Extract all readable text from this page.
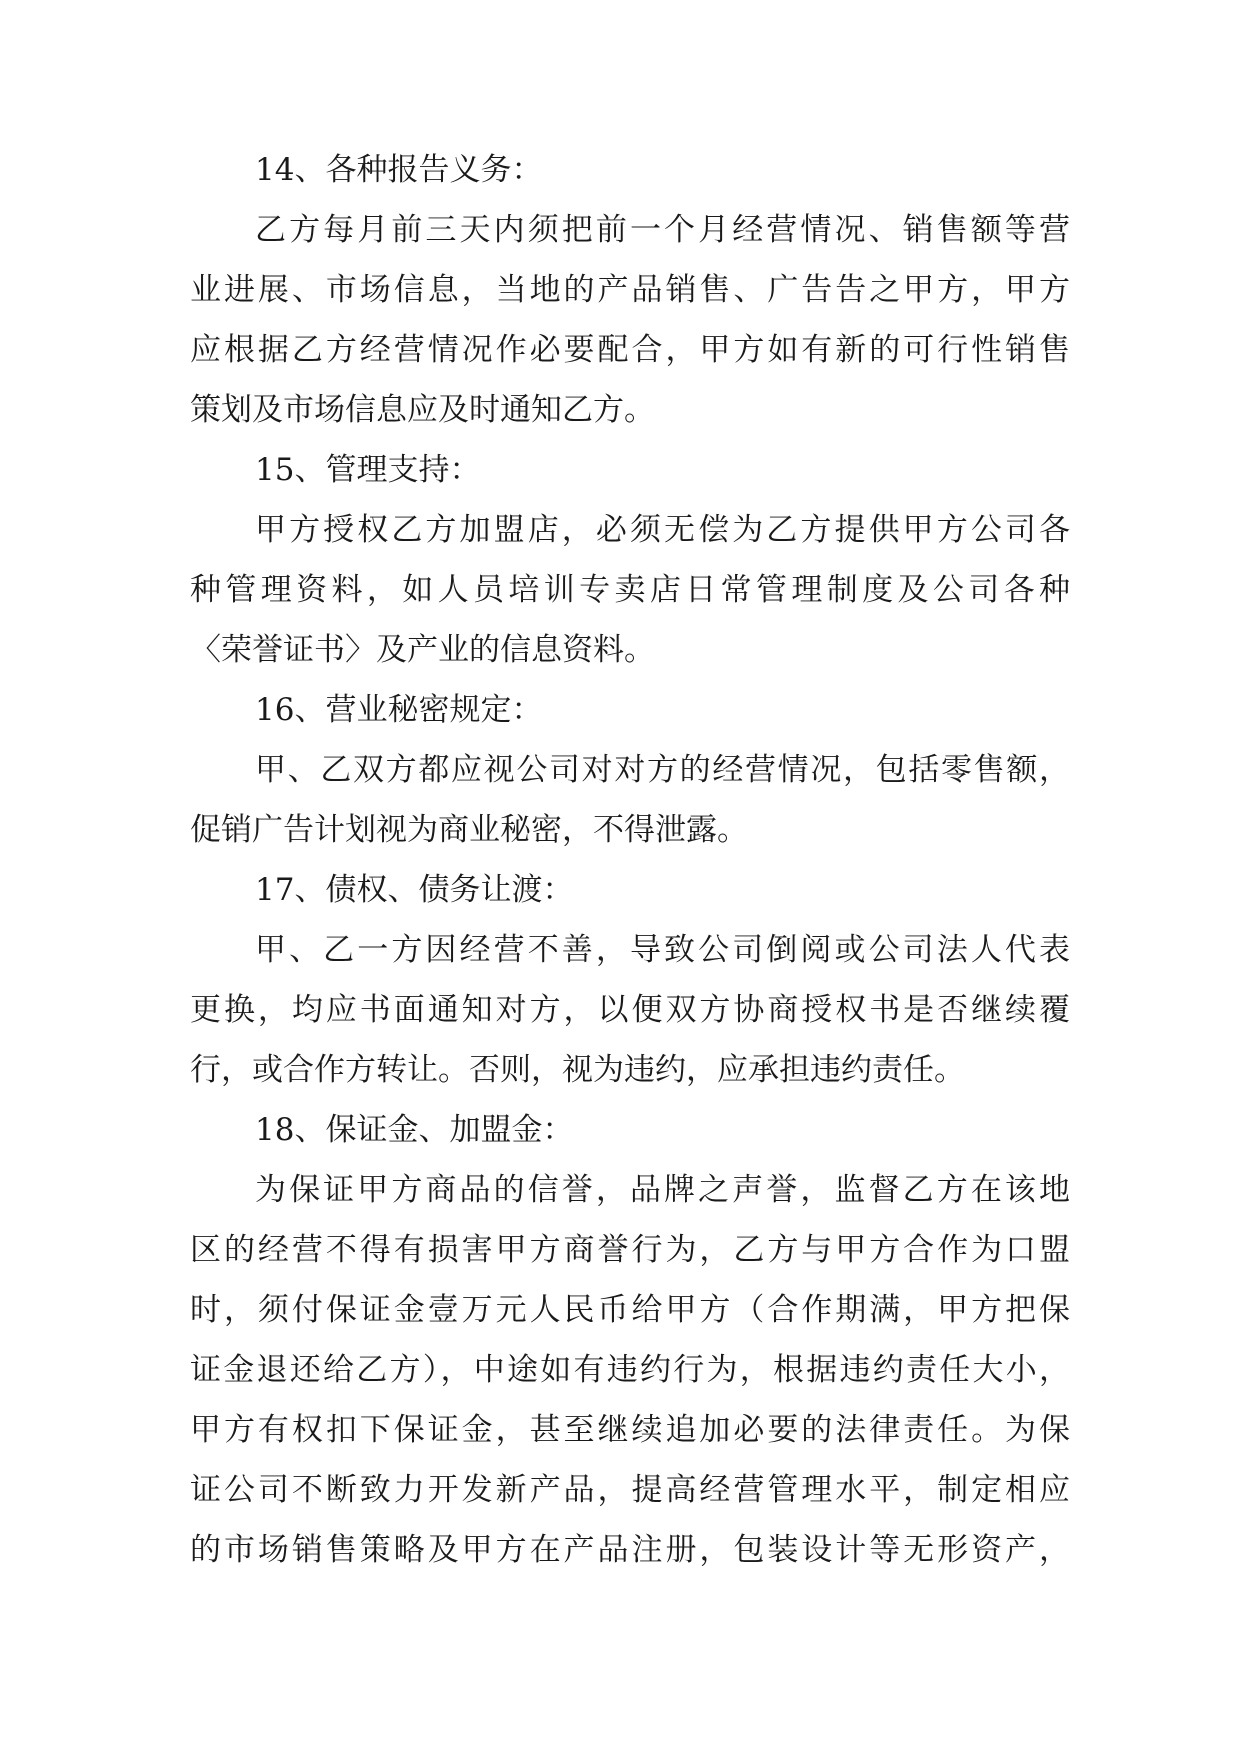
14、各种报告义务：
乙方每月前三天内须把前一个月经营情况、销售额等营
业进展、市场信息，当地的产品销售、广告告之甲方，甲方
应根据乙方经营情况作必要配合，甲方如有新的可行性销售
策划及市场信息应及时通知乙方。
15、管理支持：
甲方授权乙方加盟店，必须无偿为乙方提供甲方公司各
种管理资料，如人员培训专卖店日常管理制度及公司各种
〈荣誉证书〉及产业的信息资料。
16、营业秘密规定：
甲、乙双方都应视公司对对方的经营情况，包括零售额，
促销广告计划视为商业秘密，不得泄露。
17、债权、债务让渡：
甲、乙一方因经营不善，导致公司倒阅或公司法人代表
更换，均应书面通知对方，以便双方协商授权书是否继续覆
行，或合作方转让。否则，视为违约，应承担违约责任。
18、保证金、加盟金：
为保证甲方商品的信誉，品牌之声誉，监督乙方在该地
区的经营不得有损害甲方商誉行为，乙方与甲方合作为口盟
时，须付保证金壹万元人民币给甲方（合作期满，甲方把保
证金退还给乙方），中途如有违约行为，根据违约责任大小，
甲方有权扣下保证金，甚至继续追加必要的法律责任。为保
证公司不断致力开发新产品，提高经营管理水平，制定相应
的市场销售策略及甲方在产品注册，包装设计等无形资产，
